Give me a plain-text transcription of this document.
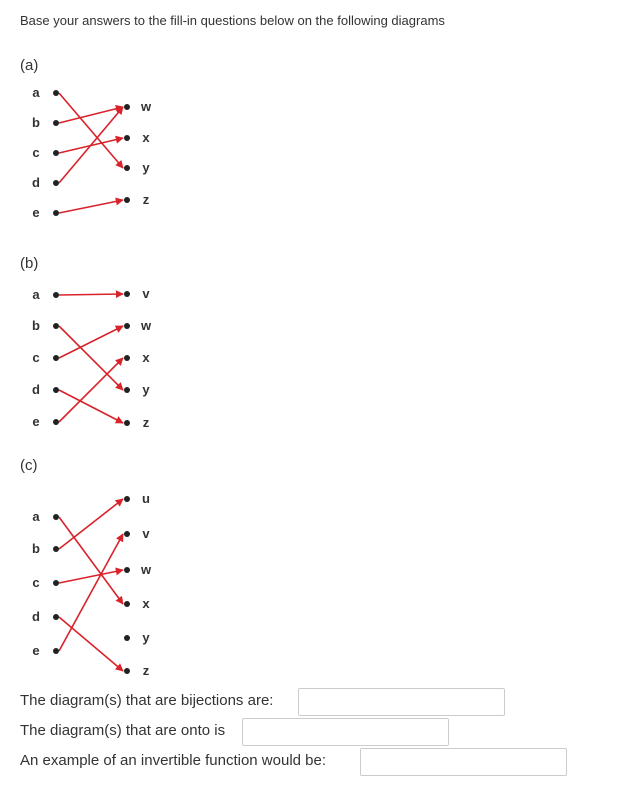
Base your answers to the fill-in questions below on the following diagrams
(a)
(b)
(c)
a
b
c
d
e
w
x
y
z
a
b
c
d
e
v
w
x
y
z
a
b
c
d
e
u
v
w
x
y
z
The diagram(s) that are bijections are:
The diagram(s) that are onto is
An example of an invertible function would be:
